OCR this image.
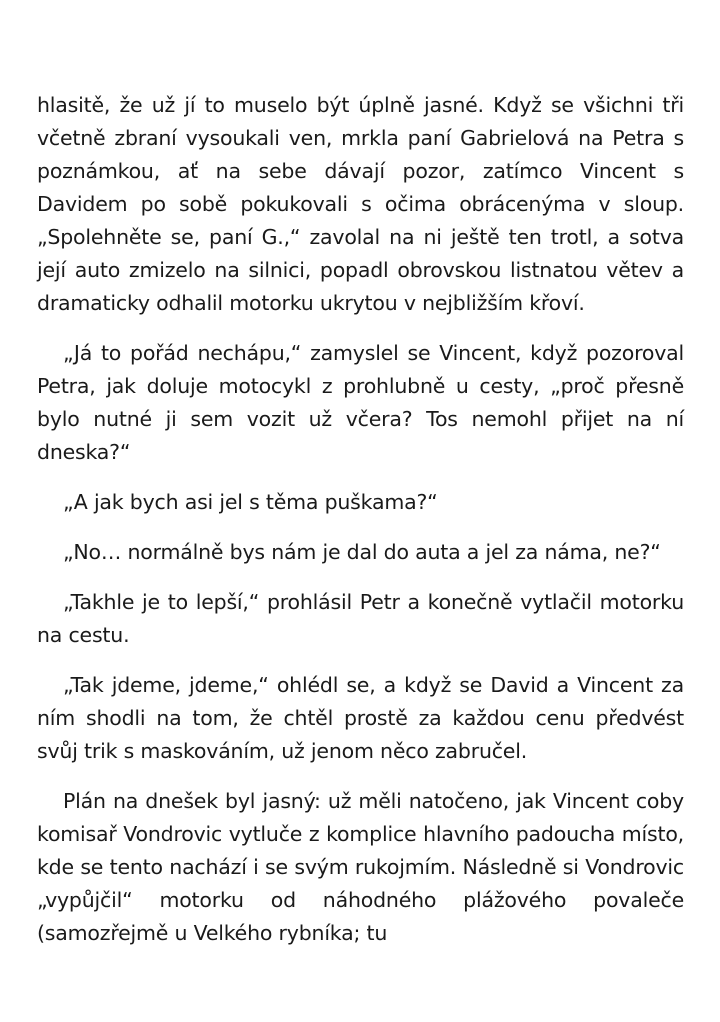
hlasitě, že už jí to muselo být úplně jasné. Když se všichni tři včetně zbraní vysoukali ven, mrkla paní Gabrielová na Petra s poznámkou, ať na sebe dávají pozor, zatímco Vincent s Davidem po sobě pokukovali s očima obrácenýma v sloup. „Spolehněte se, paní G.,“ zavolal na ni ještě ten trotl, a sotva její auto zmizelo na silnici, popadl obrovskou listnatou větev a dramaticky odhalil motorku ukrytou v nejbližším křoví.

„Já to pořád nechápu,“ zamyslel se Vincent, když pozoroval Petra, jak doluje motocykl z prohlubně u cesty, „proč přesně bylo nutné ji sem vozit už včera? Tos nemohl přijet na ní dneska?“

„A jak bych asi jel s těma puškama?“

„No… normálně bys nám je dal do auta a jel za náma, ne?“

„Takhle je to lepší,“ prohlásil Petr a konečně vytlačil motorku na cestu.

„Tak jdeme, jdeme,“ ohlédl se, a když se David a Vincent za ním shodli na tom, že chtěl prostě za každou cenu předvést svůj trik s maskováním, už jenom něco zabručel.

Plán na dnešek byl jasný: už měli natočeno, jak Vincent coby komisař Vondrovic vytluče z komplice hlavního padoucha místo, kde se tento nachází i se svým rukojmím. Následně si Vondrovic „vypůjčil“ motorku od náhodného plážového povaleče (samozřejmě u Velkého rybníka; tu
